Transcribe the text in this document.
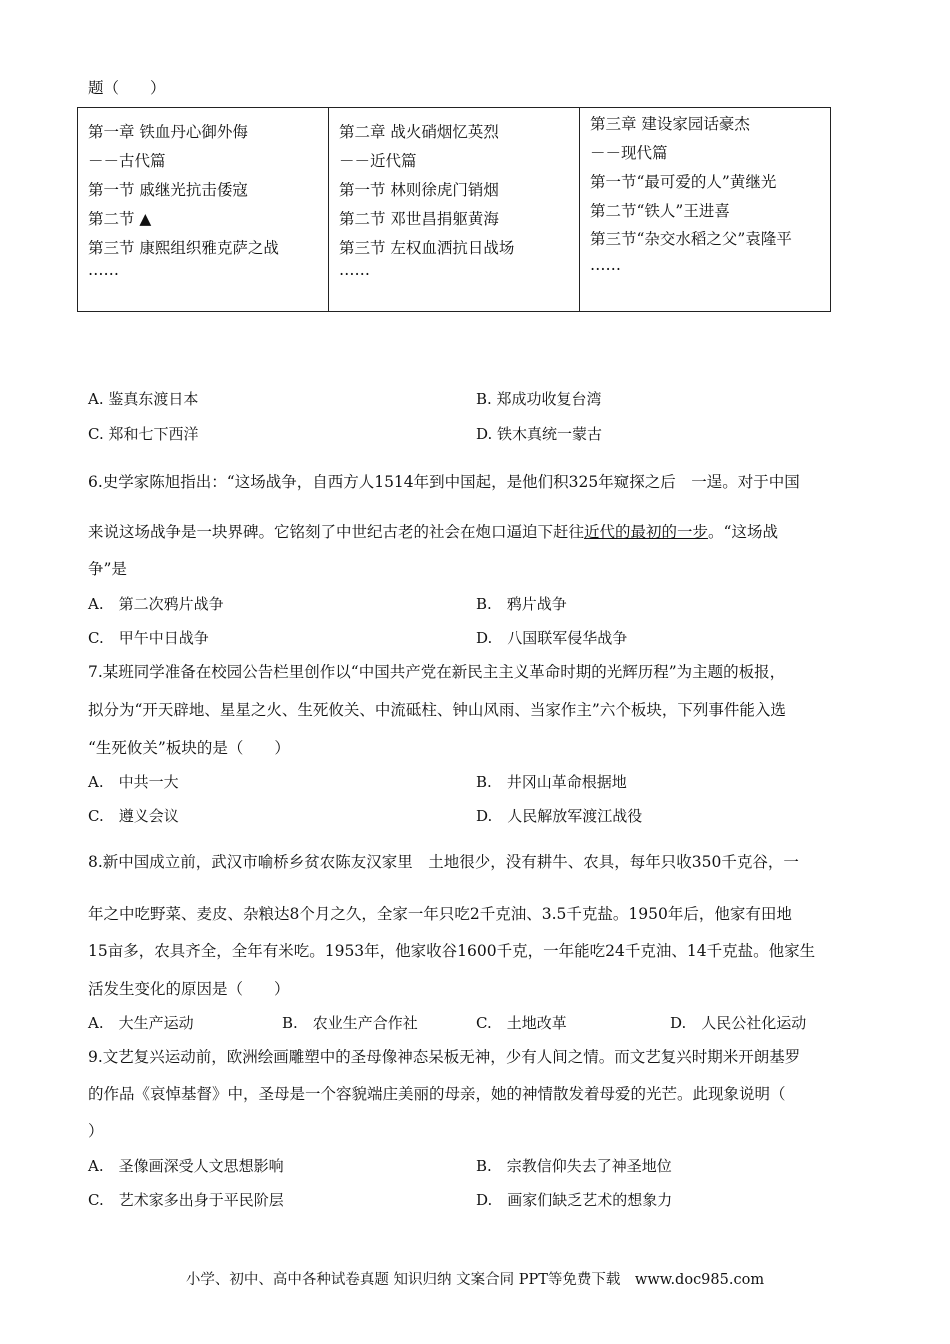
题（　　）
第一章 铁血丹心御外侮
－－古代篇
第一节 戚继光抗击倭寇
第二节 ▲
第三节 康熙组织雅克萨之战
……

第二章 战火硝烟忆英烈
－－近代篇
第一节 林则徐虎门销烟
第二节 邓世昌捐躯黄海
第三节 左权血洒抗日战场
……

第三章 建设家园话豪杰
－－现代篇
第一节“最可爱的人”黄继光
第二节“铁人”王进喜
第三节“杂交水稻之父”袁隆平
……
A. 鉴真东渡日本	B. 郑成功收复台湾
C. 郑和七下西洋	D. 铁木真统一蒙古
6.史学家陈旭指出：“这场战争，自西方人1514年到中国起，是他们积325年窥探之后　一逞。对于中国
来说这场战争是一块界碑。它铭刻了中世纪古老的社会在炮口逼迫下赶往近代的最初的一步。“这场战
争”是
A.　第二次鸦片战争	B.　鸦片战争
C.　甲午中日战争	D.　八国联军侵华战争
7.某班同学准备在校园公告栏里创作以“中国共产党在新民主主义革命时期的光辉历程”为主题的板报，
拟分为“开天辟地、星星之火、生死攸关、中流砥柱、钟山风雨、当家作主”六个板块，下列事件能入选
“生死攸关”板块的是（　　）
A.　中共一大	B.　井冈山革命根据地
C.　遵义会议	D.　人民解放军渡江战役
8.新中国成立前，武汉市喻桥乡贫农陈友汉家里　土地很少，没有耕牛、农具，每年只收350千克谷，一
年之中吃野菜、麦皮、杂粮达8个月之久，全家一年只吃2千克油、3.5千克盐。1950年后，他家有田地
15亩多，农具齐全，全年有米吃。1953年，他家收谷1600千克，一年能吃24千克油、14千克盐。他家生
活发生变化的原因是（　　）
A.　大生产运动	B.　农业生产合作社	C.　土地改革	D.　人民公社化运动
9.文艺复兴运动前，欧洲绘画雕塑中的圣母像神态呆板无神，少有人间之情。而文艺复兴时期米开朗基罗
的作品《哀悼基督》中，圣母是一个容貌端庄美丽的母亲，她的神情散发着母爱的光芒。此现象说明（
）
A.　圣像画深受人文思想影响	B.　宗教信仰失去了神圣地位
C.　艺术家多出身于平民阶层	D.　画家们缺乏艺术的想象力
小学、初中、高中各种试卷真题 知识归纳 文案合同 PPT等免费下载　www.doc985.com
